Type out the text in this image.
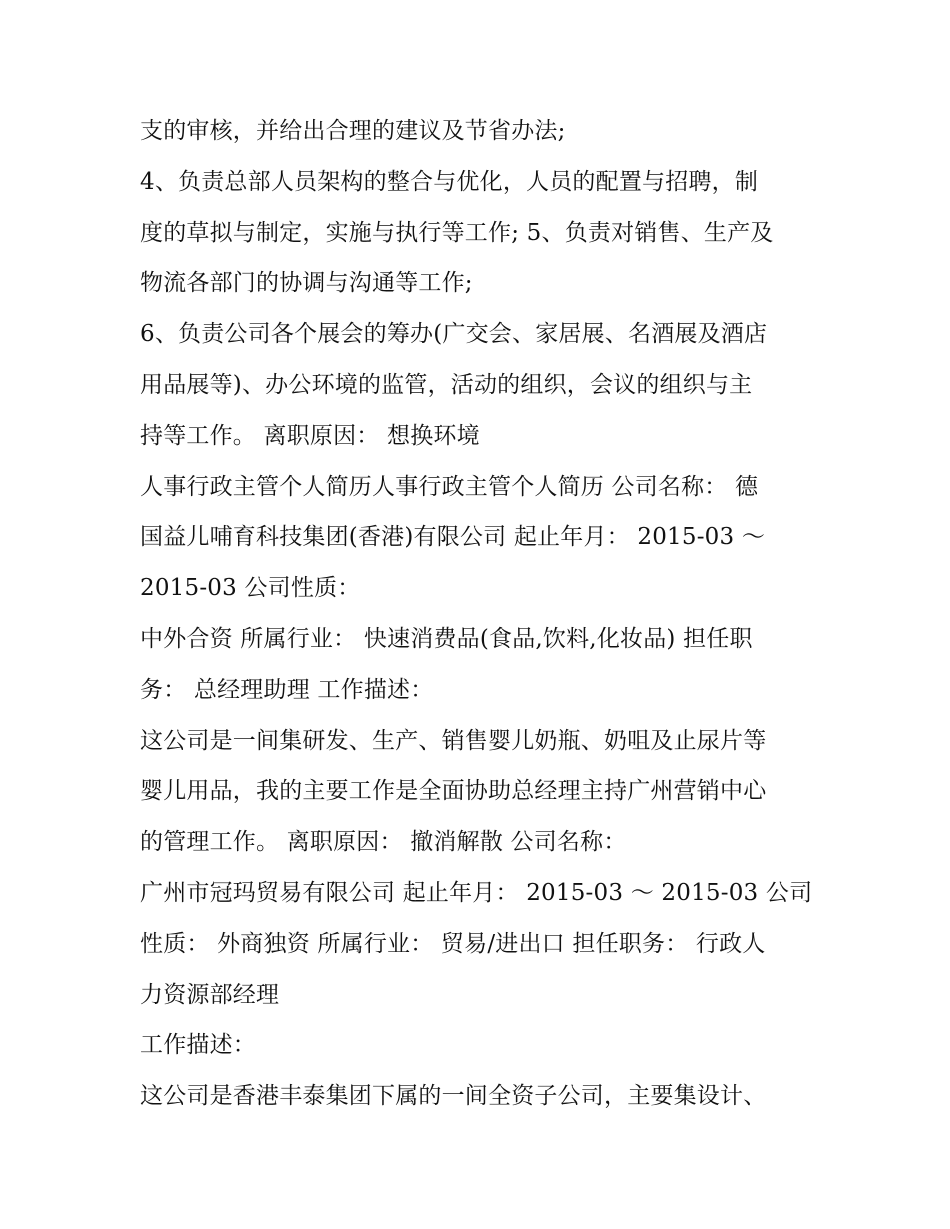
支的审核，并给出合理的建议及节省办法;
4、负责总部人员架构的整合与优化，人员的配置与招聘，制
度的草拟与制定，实施与执行等工作; 5、负责对销售、生产及
物流各部门的协调与沟通等工作;
6、负责公司各个展会的筹办(广交会、家居展、名酒展及酒店
用品展等)、办公环境的监管，活动的组织，会议的组织与主
持等工作。 离职原因： 想换环境
人事行政主管个人简历人事行政主管个人简历 公司名称： 德
国益儿哺育科技集团(香港)有限公司 起止年月： 2015-03 ～
2015-03 公司性质：
中外合资 所属行业： 快速消费品(食品,饮料,化妆品) 担任职
务： 总经理助理 工作描述：
这公司是一间集研发、生产、销售婴儿奶瓶、奶咀及止尿片等
婴儿用品，我的主要工作是全面协助总经理主持广州营销中心
的管理工作。 离职原因： 撤消解散 公司名称：
广州市冠玛贸易有限公司 起止年月： 2015-03 ～ 2015-03 公司
性质： 外商独资 所属行业： 贸易/进出口 担任职务： 行政人
力资源部经理
工作描述：
这公司是香港丰泰集团下属的一间全资子公司，主要集设计、
